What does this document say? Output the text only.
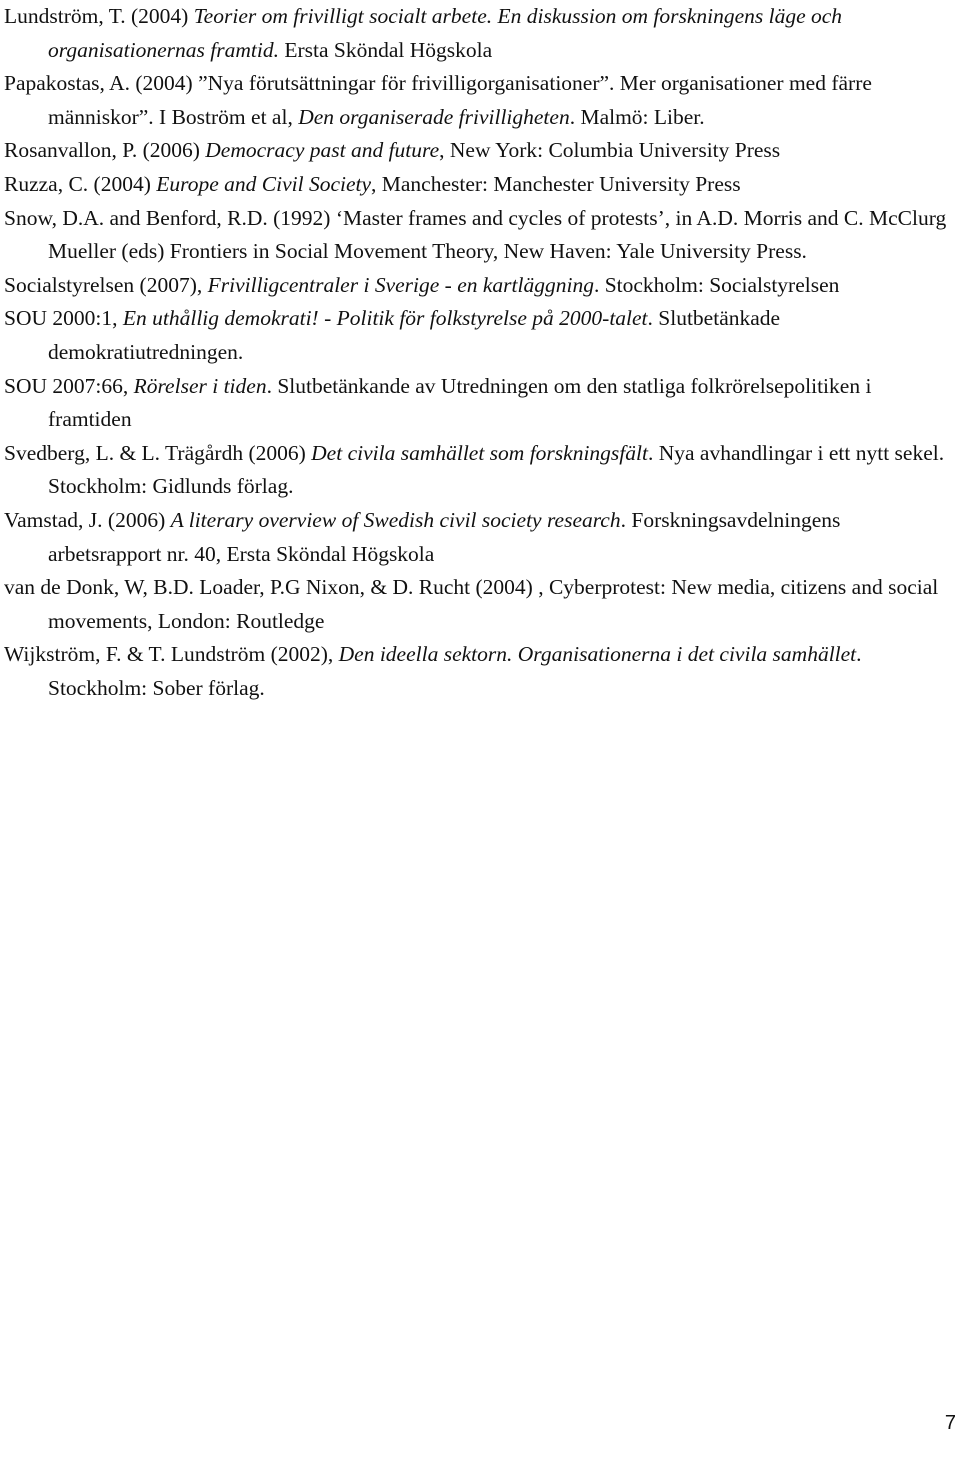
Lundström, T. (2004) Teorier om frivilligt socialt arbete. En diskussion om forskningens läge och organisationernas framtid. Ersta Sköndal Högskola

Papakostas, A. (2004) ”Nya förutsättningar för frivilligorganisationer”. Mer organisationer med färre människor”. I Boström et al, Den organiserade frivilligheten. Malmö: Liber.

Rosanvallon, P. (2006) Democracy past and future, New York: Columbia University Press

Ruzza, C. (2004) Europe and Civil Society, Manchester: Manchester University Press

Snow, D.A. and Benford, R.D. (1992) ‘Master frames and cycles of protests’, in A.D. Morris and C. McClurg Mueller (eds) Frontiers in Social Movement Theory, New Haven: Yale University Press.

Socialstyrelsen (2007), Frivilligcentraler i Sverige - en kartläggning. Stockholm: Socialstyrelsen

SOU 2000:1, En uthållig demokrati! - Politik för folkstyrelse på 2000-talet. Slutbetänkade demokratiutredningen.

SOU 2007:66, Rörelser i tiden. Slutbetänkande av Utredningen om den statliga folkrörelsepolitiken i framtiden

Svedberg, L. & L. Trägårdh (2006) Det civila samhället som forskningsfält. Nya avhandlingar i ett nytt sekel. Stockholm: Gidlunds förlag.

Vamstad, J. (2006) A literary overview of Swedish civil society research. Forskningsavdelningens arbetsrapport nr. 40, Ersta Sköndal Högskola

van de Donk, W, B.D. Loader, P.G Nixon, & D. Rucht (2004) , Cyberprotest: New media, citizens and social movements, London: Routledge

Wijkström, F. & T. Lundström (2002), Den ideella sektorn. Organisationerna i det civila samhället. Stockholm: Sober förlag.

7
